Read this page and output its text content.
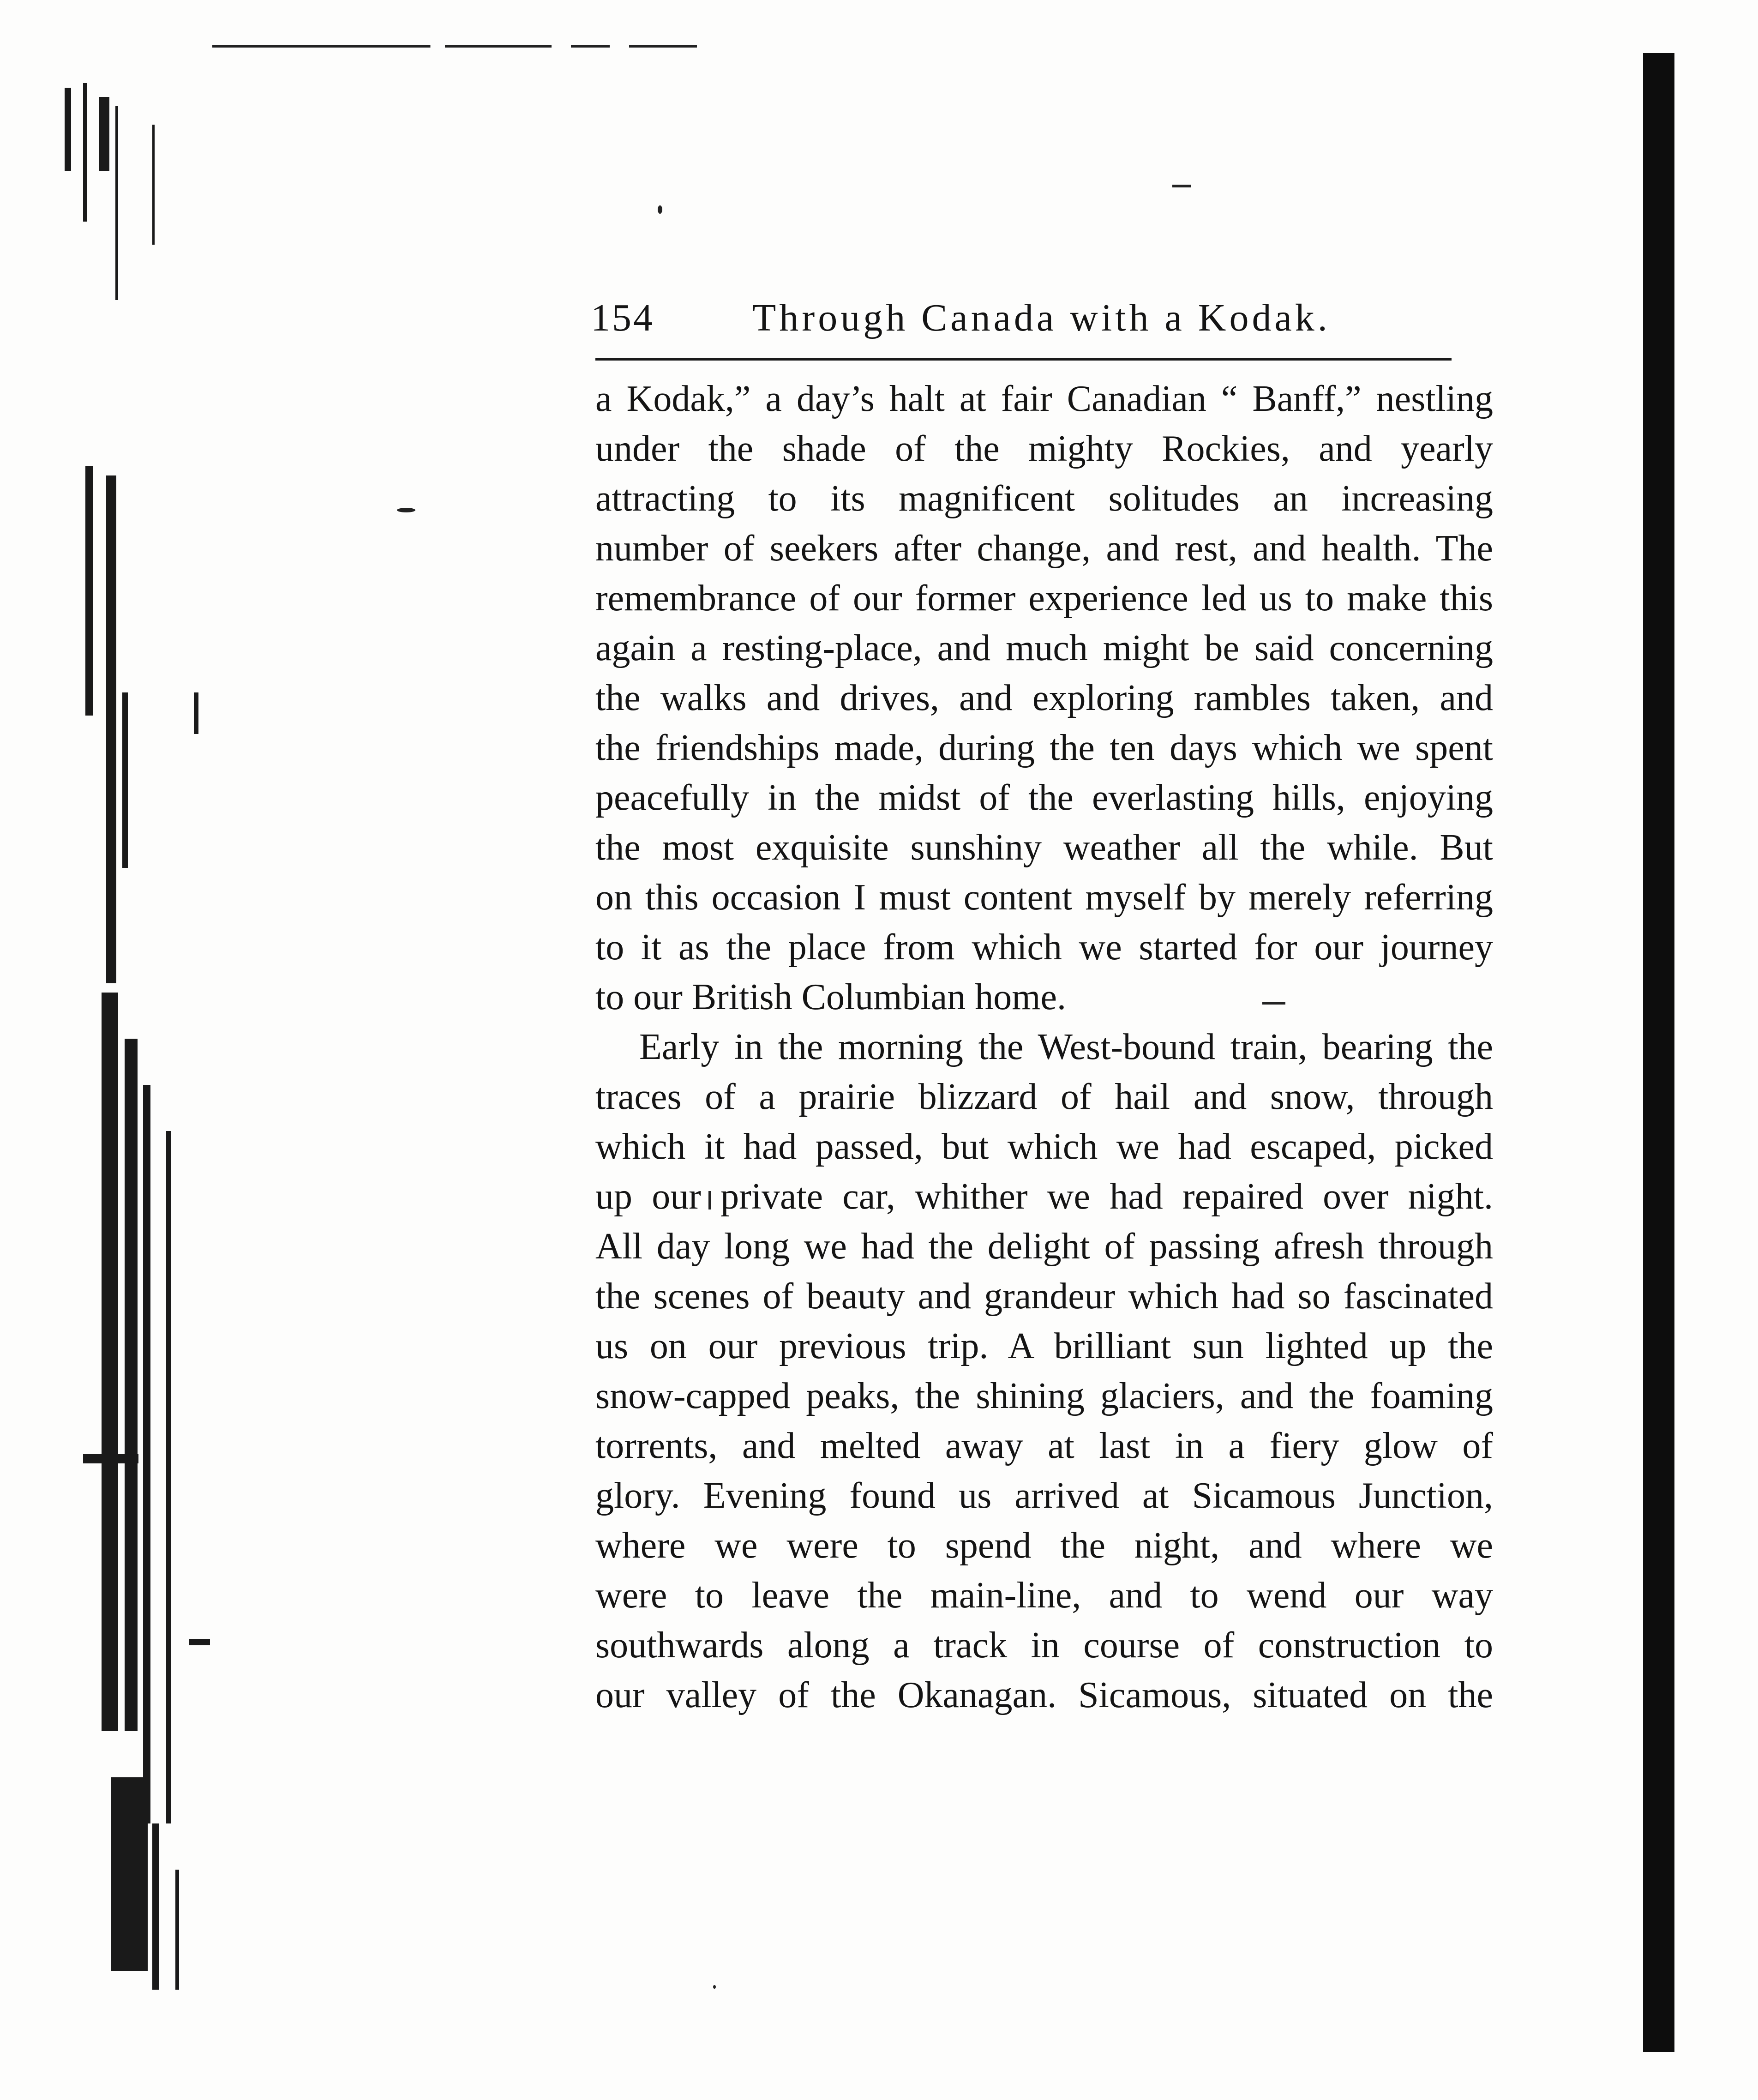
154	Through Canada with a Kodak.
a Kodak,” a day’s halt at fair Canadian “ Banff,” nestling
under the shade of the mighty Rockies, and yearly
attracting to its magnificent solitudes an increasing
number of seekers after change, and rest, and health. The
remembrance of our former experience led us to make this
again a resting-place, and much might be said concerning
the walks and drives, and exploring rambles taken, and
the friendships made, during the ten days which we spent
peacefully in the midst of the everlasting hills, enjoying
the most exquisite sunshiny weather all the while. But
on this occasion I must content myself by merely referring
to it as the place from which we started for our journey
to our British Columbian home.
Early in the morning the West-bound train, bearing the
traces of a prairie blizzard of hail and snow, through
which it had passed, but which we had escaped, picked
up our private car, whither we had repaired over night.
All day long we had the delight of passing afresh through
the scenes of beauty and grandeur which had so fascinated
us on our previous trip. A brilliant sun lighted up the
snow-capped peaks, the shining glaciers, and the foaming
torrents, and melted away at last in a fiery glow of
glory. Evening found us arrived at Sicamous Junction,
where we were to spend the night, and where we
were to leave the main-line, and to wend our way
southwards along a track in course of construction to
our valley of the Okanagan. Sicamous, situated on the
